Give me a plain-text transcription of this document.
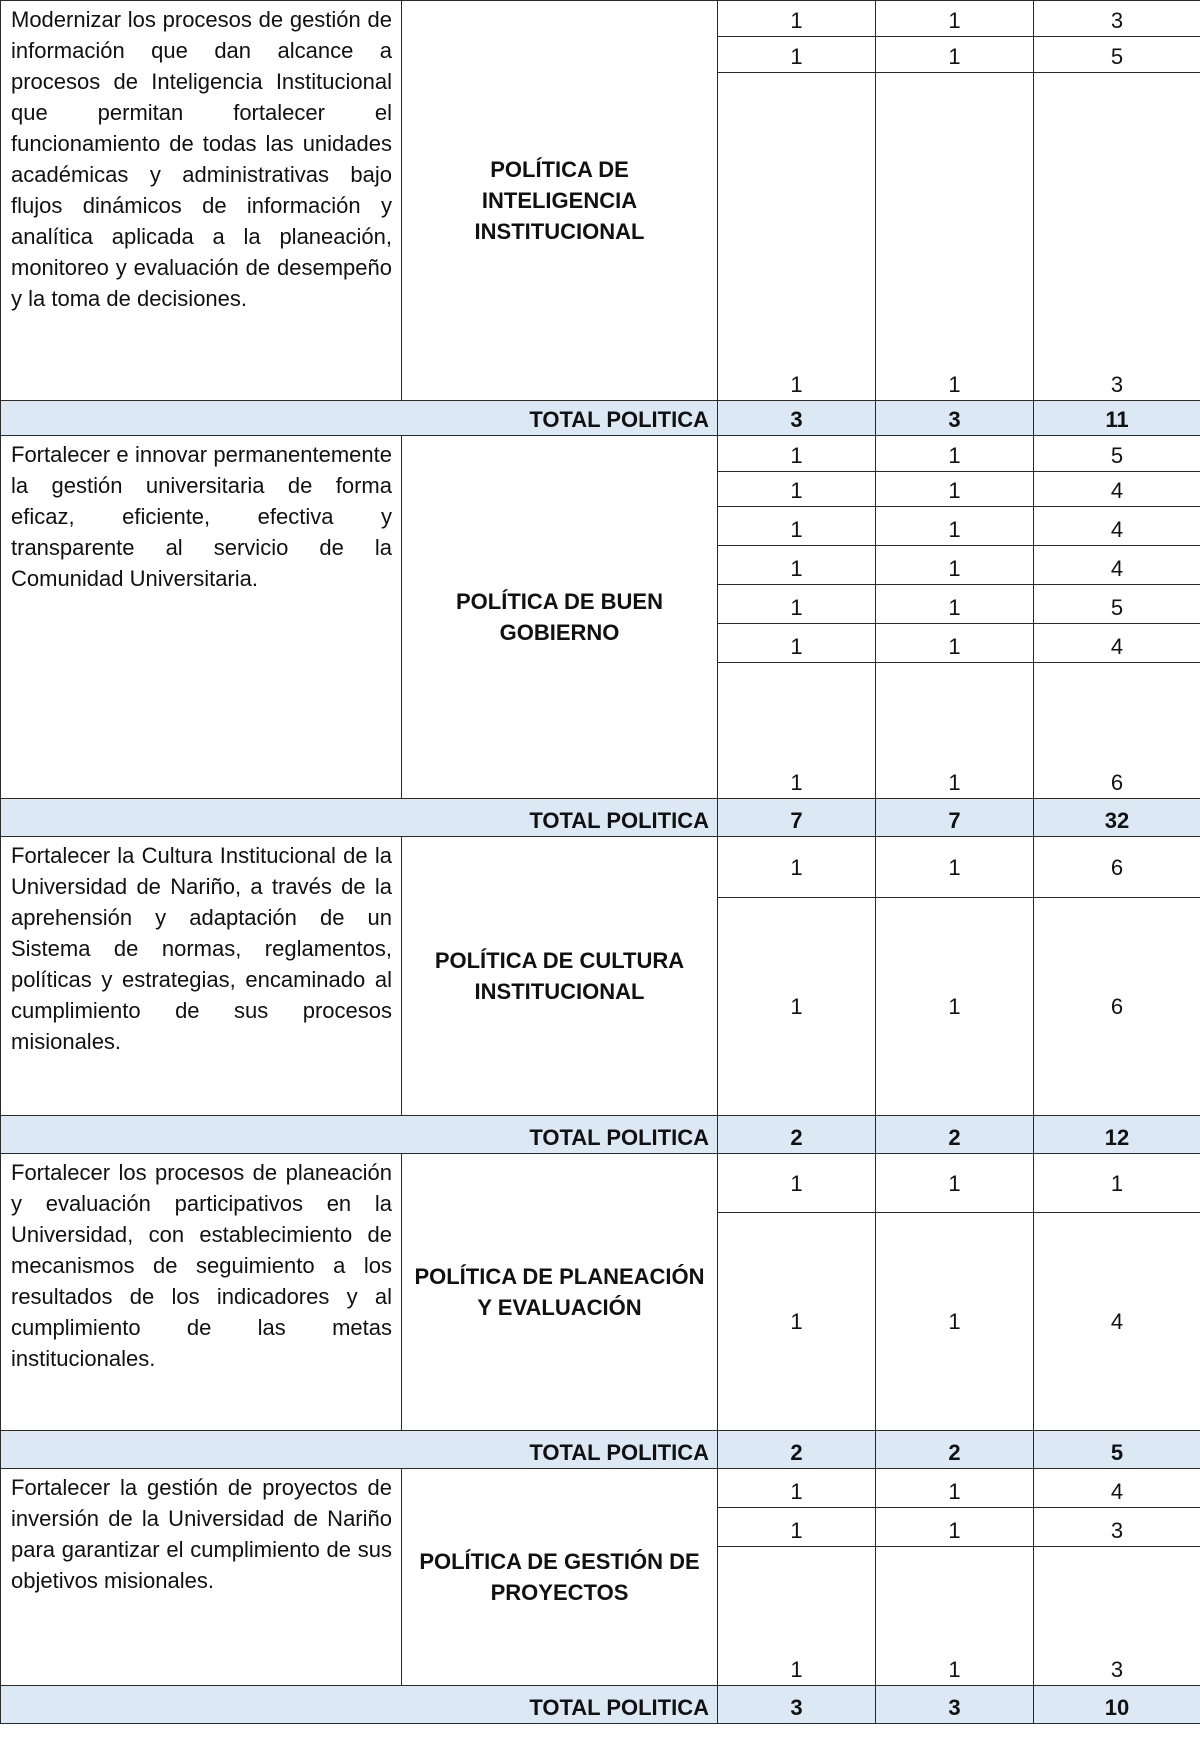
Modernizar los procesos de gestión de información que dan alcance a procesos de Inteligencia Institucional que permitan fortalecer el funcionamiento de todas las unidades académicas y administrativas bajo flujos dinámicos de información y analítica aplicada a la planeación, monitoreo y evaluación de desempeño y la toma de decisiones.	POLÍTICA DE INTELIGENCIA INSTITUCIONAL	1	1	3
		1	1	5
		1	1	3
TOTAL POLITICA		3	3	11
Fortalecer e innovar permanentemente la gestión universitaria de forma eficaz, eficiente, efectiva y transparente al servicio de la Comunidad Universitaria.	POLÍTICA DE BUEN GOBIERNO	1	1	5
		1	1	4
		1	1	4
		1	1	4
		1	1	5
		1	1	4
		1	1	6
TOTAL POLITICA		7	7	32
Fortalecer la Cultura Institucional de la Universidad de Nariño, a través de la aprehensión y adaptación de un Sistema de normas, reglamentos, políticas y estrategias, encaminado al cumplimiento de sus procesos misionales.	POLÍTICA DE CULTURA INSTITUCIONAL	1	1	6
		1	1	6
TOTAL POLITICA		2	2	12
Fortalecer los procesos de planeación y evaluación participativos en la Universidad, con establecimiento de mecanismos de seguimiento a los resultados de los indicadores y al cumplimiento de las metas institucionales.	POLÍTICA DE PLANEACIÓN Y EVALUACIÓN	1	1	1
		1	1	4
TOTAL POLITICA		2	2	5
Fortalecer la gestión de proyectos de inversión de la Universidad de Nariño para garantizar el cumplimiento de sus objetivos misionales.	POLÍTICA DE GESTIÓN DE PROYECTOS	1	1	4
		1	1	3
		1	1	3
TOTAL POLITICA		3	3	10
